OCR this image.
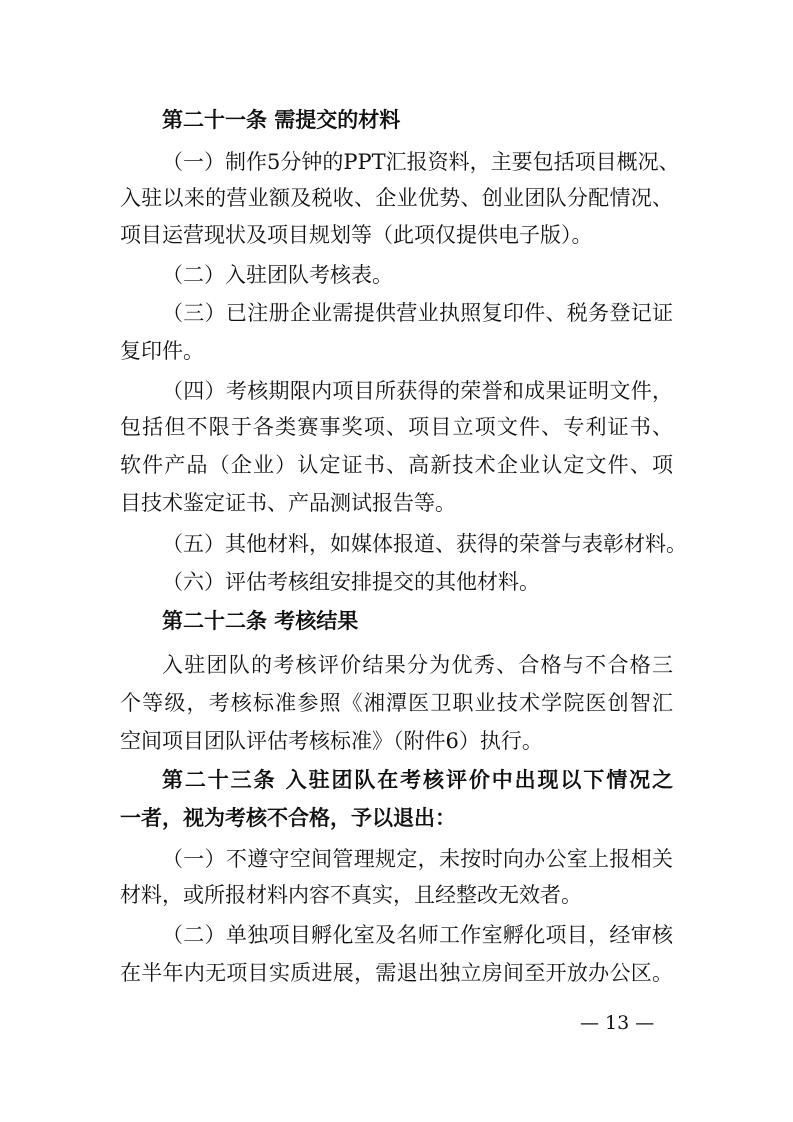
第二十一条 需提交的材料
（一）制作5分钟的PPT汇报资料，主要包括项目概况、
入驻以来的营业额及税收、企业优势、创业团队分配情况、
项目运营现状及项目规划等（此项仅提供电子版）。
（二）入驻团队考核表。
（三）已注册企业需提供营业执照复印件、税务登记证
复印件。
（四）考核期限内项目所获得的荣誉和成果证明文件，
包括但不限于各类赛事奖项、项目立项文件、专利证书、
软件产品（企业）认定证书、高新技术企业认定文件、项
目技术鉴定证书、产品测试报告等。
（五）其他材料，如媒体报道、获得的荣誉与表彰材料。
（六）评估考核组安排提交的其他材料。
第二十二条 考核结果
入驻团队的考核评价结果分为优秀、合格与不合格三
个等级，考核标准参照《湘潭医卫职业技术学院医创智汇
空间项目团队评估考核标准》（附件6）执行。
第二十三条 入驻团队在考核评价中出现以下情况之
一者，视为考核不合格，予以退出：
（一）不遵守空间管理规定，未按时向办公室上报相关
材料，或所报材料内容不真实，且经整改无效者。
（二）单独项目孵化室及名师工作室孵化项目，经审核
在半年内无项目实质进展，需退出独立房间至开放办公区。
— 13 —
